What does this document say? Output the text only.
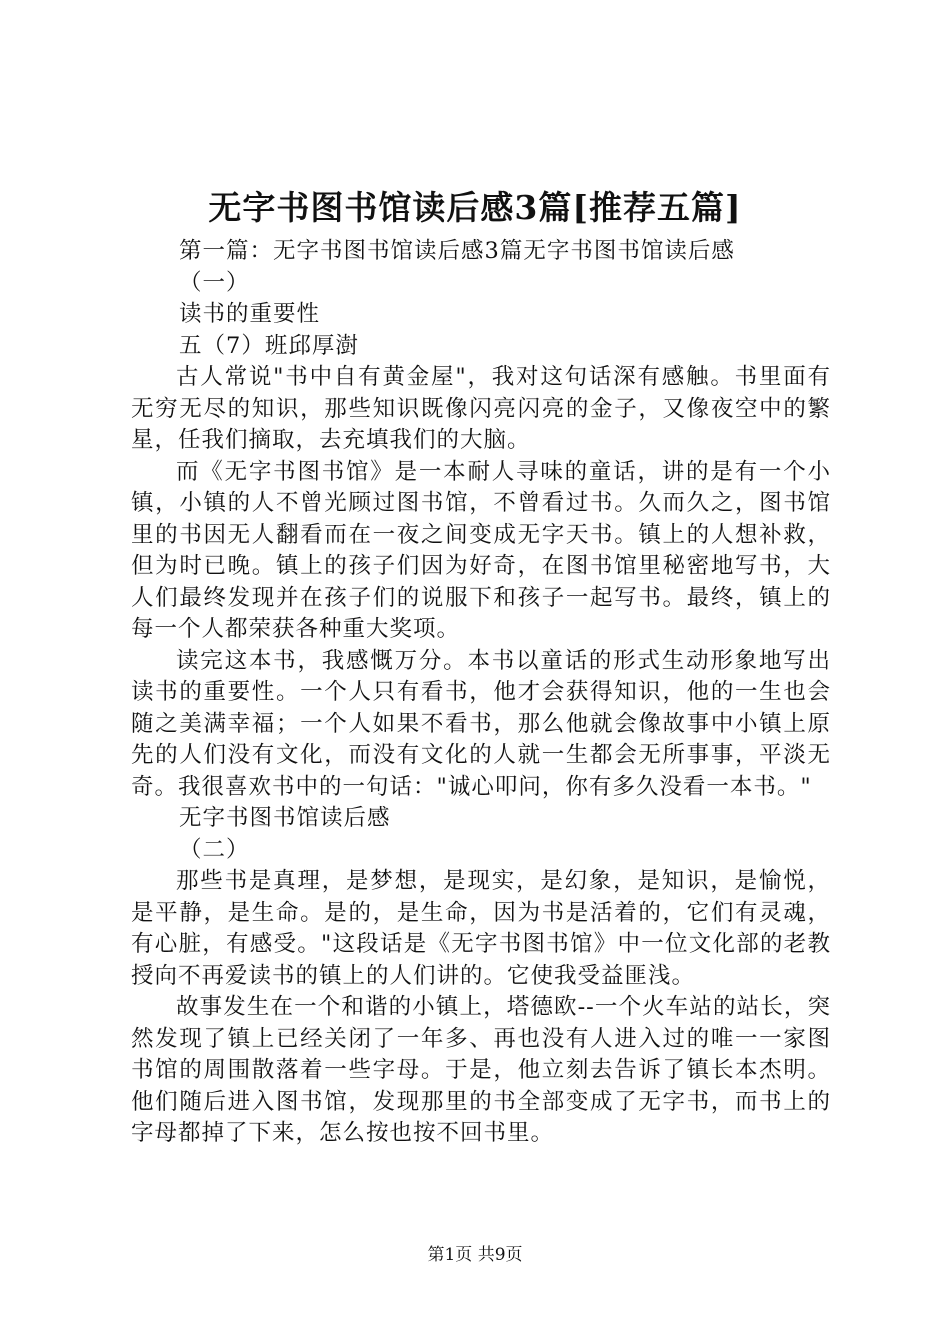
无字书图书馆读后感3篇[推荐五篇]

第一篇：无字书图书馆读后感3篇无字书图书馆读后感

（一）

读书的重要性

五（7）班邱厚澍

古人常说"书中自有黄金屋"，我对这句话深有感触。书里面有无穷无尽的知识，那些知识既像闪亮闪亮的金子，又像夜空中的繁星，任我们摘取，去充填我们的大脑。

而《无字书图书馆》是一本耐人寻味的童话，讲的是有一个小镇，小镇的人不曾光顾过图书馆，不曾看过书。久而久之，图书馆里的书因无人翻看而在一夜之间变成无字天书。镇上的人想补救，但为时已晚。镇上的孩子们因为好奇，在图书馆里秘密地写书，大人们最终发现并在孩子们的说服下和孩子一起写书。最终，镇上的每一个人都荣获各种重大奖项。

读完这本书，我感慨万分。本书以童话的形式生动形象地写出读书的重要性。一个人只有看书，他才会获得知识，他的一生也会随之美满幸福；一个人如果不看书，那么他就会像故事中小镇上原先的人们没有文化，而没有文化的人就一生都会无所事事，平淡无奇。我很喜欢书中的一句话："诚心叩问，你有多久没看一本书。"

无字书图书馆读后感

（二）

那些书是真理，是梦想，是现实，是幻象，是知识，是愉悦，是平静，是生命。是的，是生命，因为书是活着的，它们有灵魂，有心脏，有感受。"这段话是《无字书图书馆》中一位文化部的老教授向不再爱读书的镇上的人们讲的。它使我受益匪浅。

故事发生在一个和谐的小镇上，塔德欧--一个火车站的站长，突然发现了镇上已经关闭了一年多、再也没有人进入过的唯一一家图书馆的周围散落着一些字母。于是，他立刻去告诉了镇长本杰明。他们随后进入图书馆，发现那里的书全部变成了无字书，而书上的字母都掉了下来，怎么按也按不回书里。

第1页 共9页
